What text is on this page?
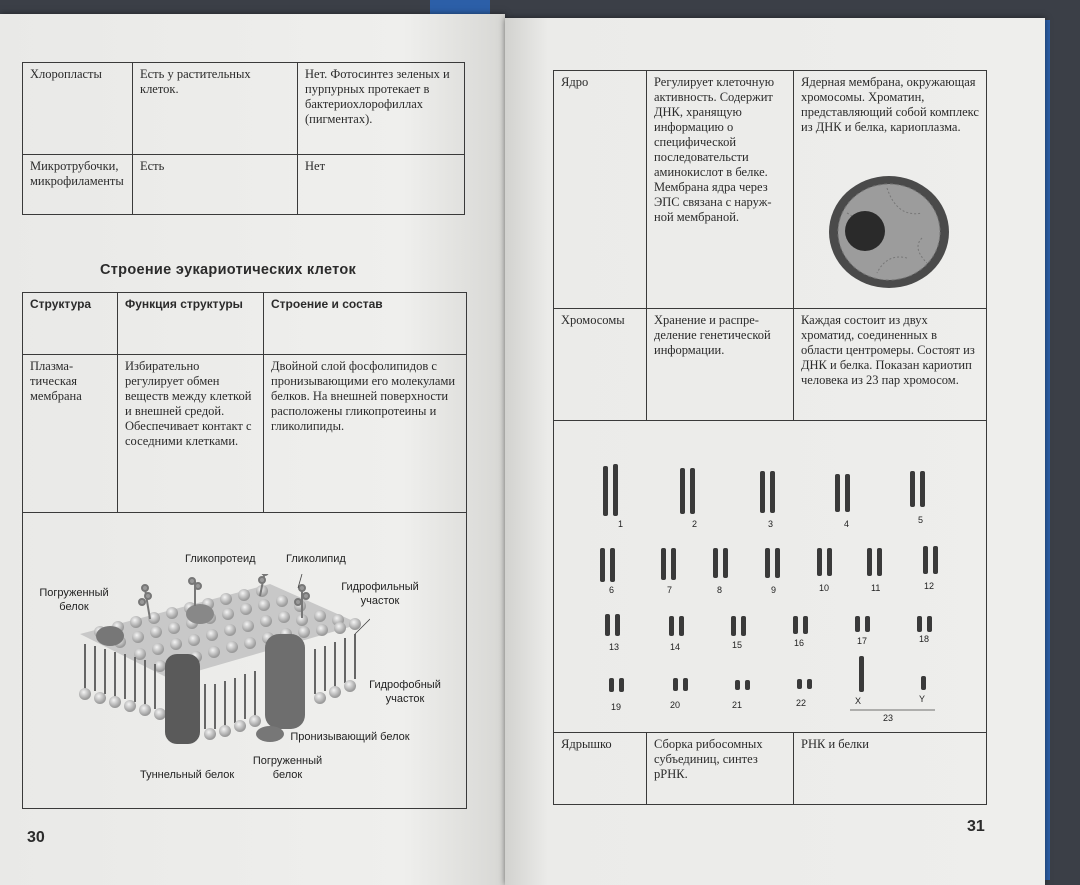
Хлоропласты	Есть у растительных клеток.	Нет. Фотосинтез зеленых и пурпурных протекает в бактериохлорофиллах (пигментах).
Микротрубочки, микрофиламенты	Есть	Нет
Строение эукариотических клеток
Структура	Функция структуры	Строение и состав
Плазматическая мембрана	Избирательно регулирует обмен веществ между клеткой и внешней средой. Обеспечивает контакт с соседними клетками.	Двойной слой фосфолипидов с пронизывающими его молекулами белков. На внешней поверхности расположены гликопротеины и гликолипиды.

Гликопротеид	Гликолипид
Погруженный белок
Гидрофильный участок
Гидрофобный участок
Пронизывающий белок
Погруженный белок
Туннельный белок
30
Ядро	Регулирует клеточную активность. Содержит ДНК, хранящую информацию о специфической последовательсти аминокислот в белке. Мембрана ядра через ЭПС связана с наружной мембраной.	Ядерная мембрана, окружающая хромосомы. Хроматин, представляющий собой комплекс из ДНК и белка, кариоплазма.

Хромосомы	Хранение и распределение генетической информации.	Каждая состоит из двух хроматид, соединенных в области центромеры. Состоят из ДНК и белка. Показан кариотип человека из 23 пар хромосом.

Ядрышко	Сборка рибосомных субъединиц, синтез рРНК.	РНК и белки
1	2	3	4	5
6	7	8	9	10	11	12
13	14	15	16	17	18
19	20	21	22	X	Y
23
31
